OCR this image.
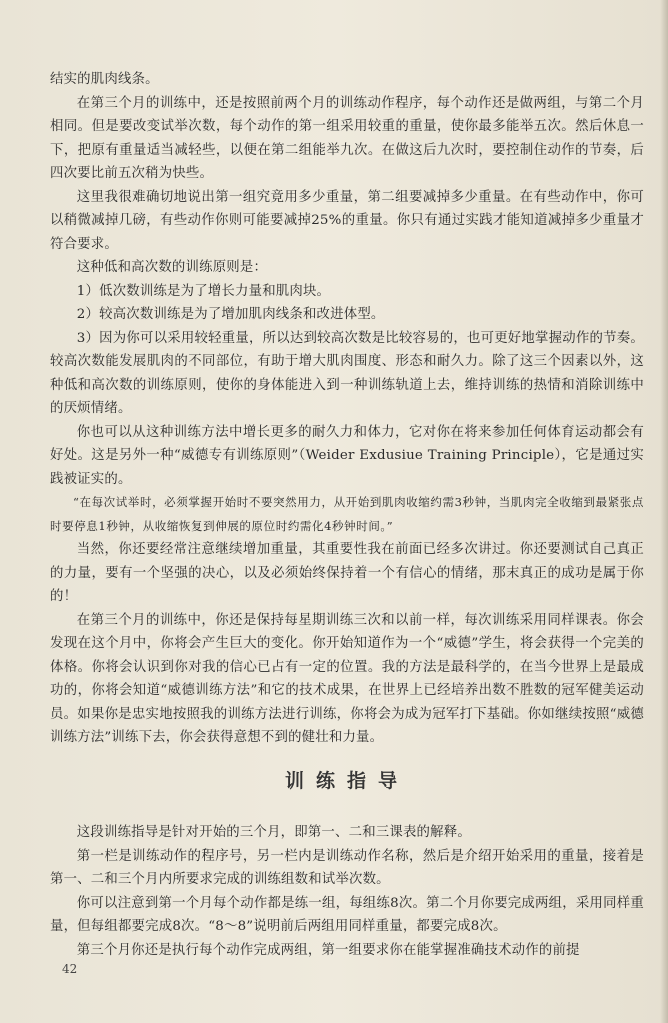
结实的肌肉线条。

在第三个月的训练中，还是按照前两个月的训练动作程序，每个动作还是做两组，与第二个月相同。但是要改变试举次数，每个动作的第一组采用较重的重量，使你最多能举五次。然后休息一下，把原有重量适当减轻些，以便在第二组能举九次。在做这后九次时，要控制住动作的节奏，后四次要比前五次稍为快些。

这里我很难确切地说出第一组究竟用多少重量，第二组要减掉多少重量。在有些动作中，你可以稍微减掉几磅，有些动作你则可能要减掉25%的重量。你只有通过实践才能知道减掉多少重量才符合要求。

这种低和高次数的训练原则是：

1）低次数训练是为了增长力量和肌肉块。

2）较高次数训练是为了增加肌肉线条和改进体型。

3）因为你可以采用较轻重量，所以达到较高次数是比较容易的，也可更好地掌握动作的节奏。较高次数能发展肌肉的不同部位，有助于增大肌肉围度、形态和耐久力。除了这三个因素以外，这种低和高次数的训练原则，使你的身体能进入到一种训练轨道上去，维持训练的热情和消除训练中的厌烦情绪。

你也可以从这种训练方法中增长更多的耐久力和体力，它对你在将来参加任何体育运动都会有好处。这是另外一种“威德专有训练原则”（Weider Exdusiue Training Principle），它是通过实践被证实的。

“在每次试举时，必须掌握开始时不要突然用力，从开始到肌肉收缩约需3秒钟，当肌肉完全收缩到最紧张点时要停息1秒钟，从收缩恢复到伸展的原位时约需化4秒钟时间。”

当然，你还要经常注意继续增加重量，其重要性我在前面已经多次讲过。你还要测试自己真正的力量，要有一个坚强的决心，以及必须始终保持着一个有信心的情绪，那末真正的成功是属于你的！

在第三个月的训练中，你还是保持每星期训练三次和以前一样，每次训练采用同样课表。你会发现在这个月中，你将会产生巨大的变化。你开始知道作为一个“威德”学生，将会获得一个完美的体格。你将会认识到你对我的信心已占有一定的位置。我的方法是最科学的，在当今世界上是最成功的，你将会知道“威德训练方法”和它的技术成果，在世界上已经培养出数不胜数的冠军健美运动员。如果你是忠实地按照我的训练方法进行训练，你将会为成为冠军打下基础。你如继续按照“威德训练方法”训练下去，你会获得意想不到的健壮和力量。

训练指导

这段训练指导是针对开始的三个月，即第一、二和三课表的解释。

第一栏是训练动作的程序号，另一栏内是训练动作名称，然后是介绍开始采用的重量，接着是第一、二和三个月内所要求完成的训练组数和试举次数。

你可以注意到第一个月每个动作都是练一组，每组练8次。第二个月你要完成两组，采用同样重量，但每组都要完成8次。“8～8”说明前后两组用同样重量，都要完成8次。

第三个月你还是执行每个动作完成两组，第一组要求你在能掌握准确技术动作的前提

42
